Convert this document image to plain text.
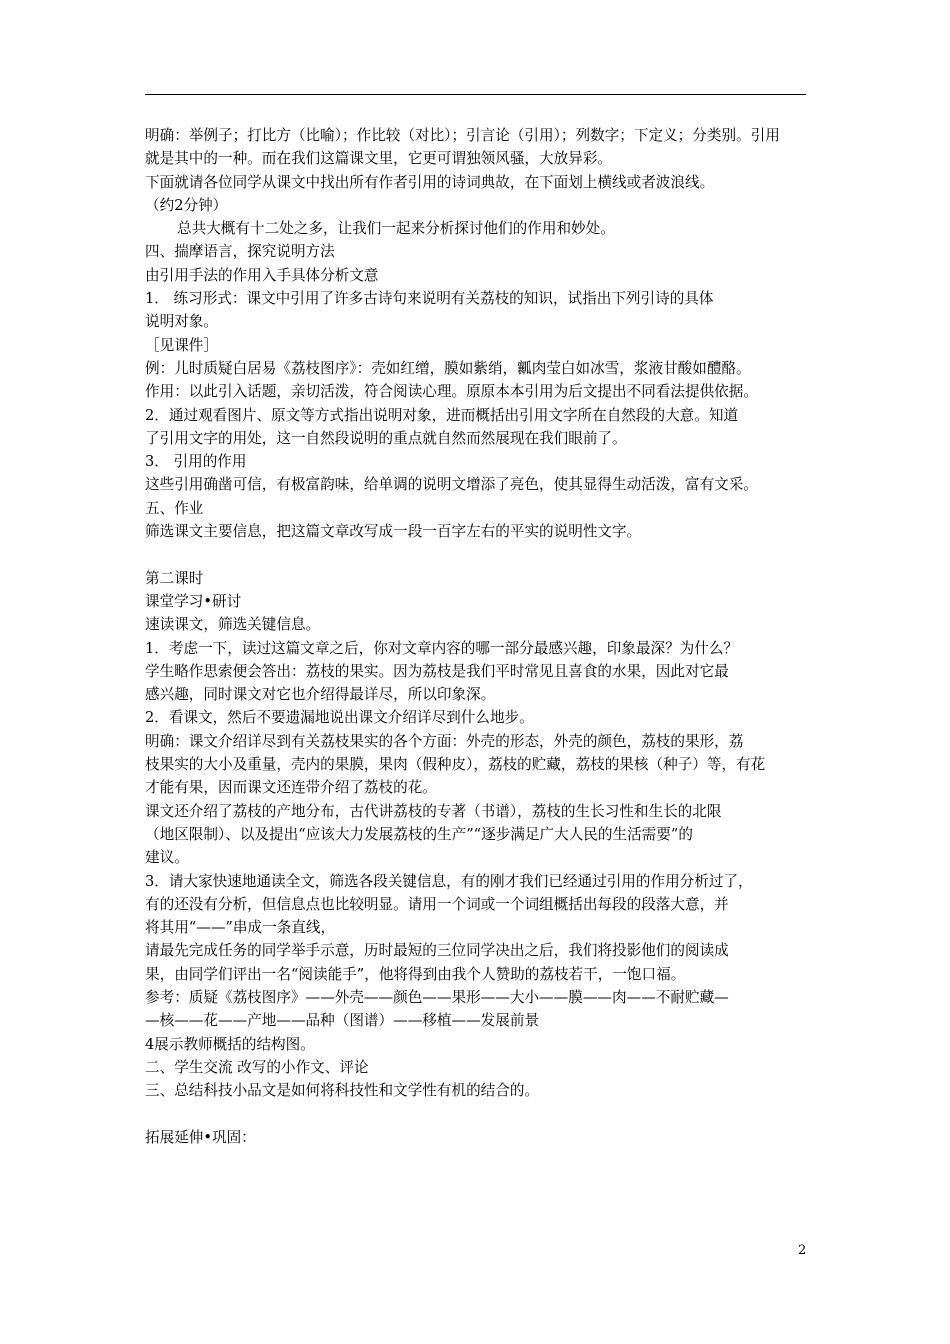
明确：举例子；打比方（比喻）；作比较（对比）；引言论（引用）；列数字；下定义；分类别。引用
就是其中的一种。而在我们这篇课文里，它更可谓独领风骚，大放异彩。
下面就请各位同学从课文中找出所有作者引用的诗词典故，在下面划上横线或者波浪线。
（约2分钟）
总共大概有十二处之多，让我们一起来分析探讨他们的作用和妙处。
四、揣摩语言，探究说明方法
由引用手法的作用入手具体分析文意
1． 练习形式：课文中引用了许多古诗句来说明有关荔枝的知识，试指出下列引诗的具体
说明对象。
［见课件］
例：儿时质疑白居易《荔枝图序》：壳如红缯，膜如紫绡，瓤肉莹白如冰雪，浆液甘酸如醴酪。
作用：以此引入话题，亲切活泼，符合阅读心理。原原本本引用为后文提出不同看法提供依据。
2．通过观看图片、原文等方式指出说明对象，进而概括出引用文字所在自然段的大意。知道
了引用文字的用处，这一自然段说明的重点就自然而然展现在我们眼前了。
3． 引用的作用
这些引用确凿可信，有极富韵味，给单调的说明文增添了亮色，使其显得生动活泼，富有文采。
五、作业
筛选课文主要信息，把这篇文章改写成一段一百字左右的平实的说明性文字。
第二课时
课堂学习•研讨
速读课文，筛选关键信息。
1．考虑一下，读过这篇文章之后，你对文章内容的哪一部分最感兴趣，印象最深？为什么？
学生略作思索便会答出：荔枝的果实。因为荔枝是我们平时常见且喜食的水果，因此对它最
感兴趣，同时课文对它也介绍得最详尽，所以印象深。
2．看课文，然后不要遗漏地说出课文介绍详尽到什么地步。
明确：课文介绍详尽到有关荔枝果实的各个方面：外壳的形态，外壳的颜色，荔枝的果形，荔
枝果实的大小及重量，壳内的果膜，果肉（假种皮），荔枝的贮藏，荔枝的果核（种子）等，有花
才能有果，因而课文还连带介绍了荔枝的花。
课文还介绍了荔枝的产地分布，古代讲荔枝的专著（书谱），荔枝的生长习性和生长的北限
（地区限制）、以及提出“应该大力发展荔枝的生产”“逐步满足广大人民的生活需要”的
建议。
3．请大家快速地通读全文，筛选各段关键信息，有的刚才我们已经通过引用的作用分析过了，
有的还没有分析，但信息点也比较明显。请用一个词或一个词组概括出每段的段落大意，并
将其用“——”串成一条直线，
请最先完成任务的同学举手示意，历时最短的三位同学决出之后，我们将投影他们的阅读成
果，由同学们评出一名“阅读能手”，他将得到由我个人赞助的荔枝若干，一饱口福。
参考：质疑《荔枝图序》——外壳——颜色——果形——大小——膜——肉——不耐贮藏—
—核——花——产地——品种（图谱）——移植——发展前景
4展示教师概括的结构图。
二、学生交流 改写的小作文、评论
三、总结科技小品文是如何将科技性和文学性有机的结合的。
拓展延伸•巩固：
2
